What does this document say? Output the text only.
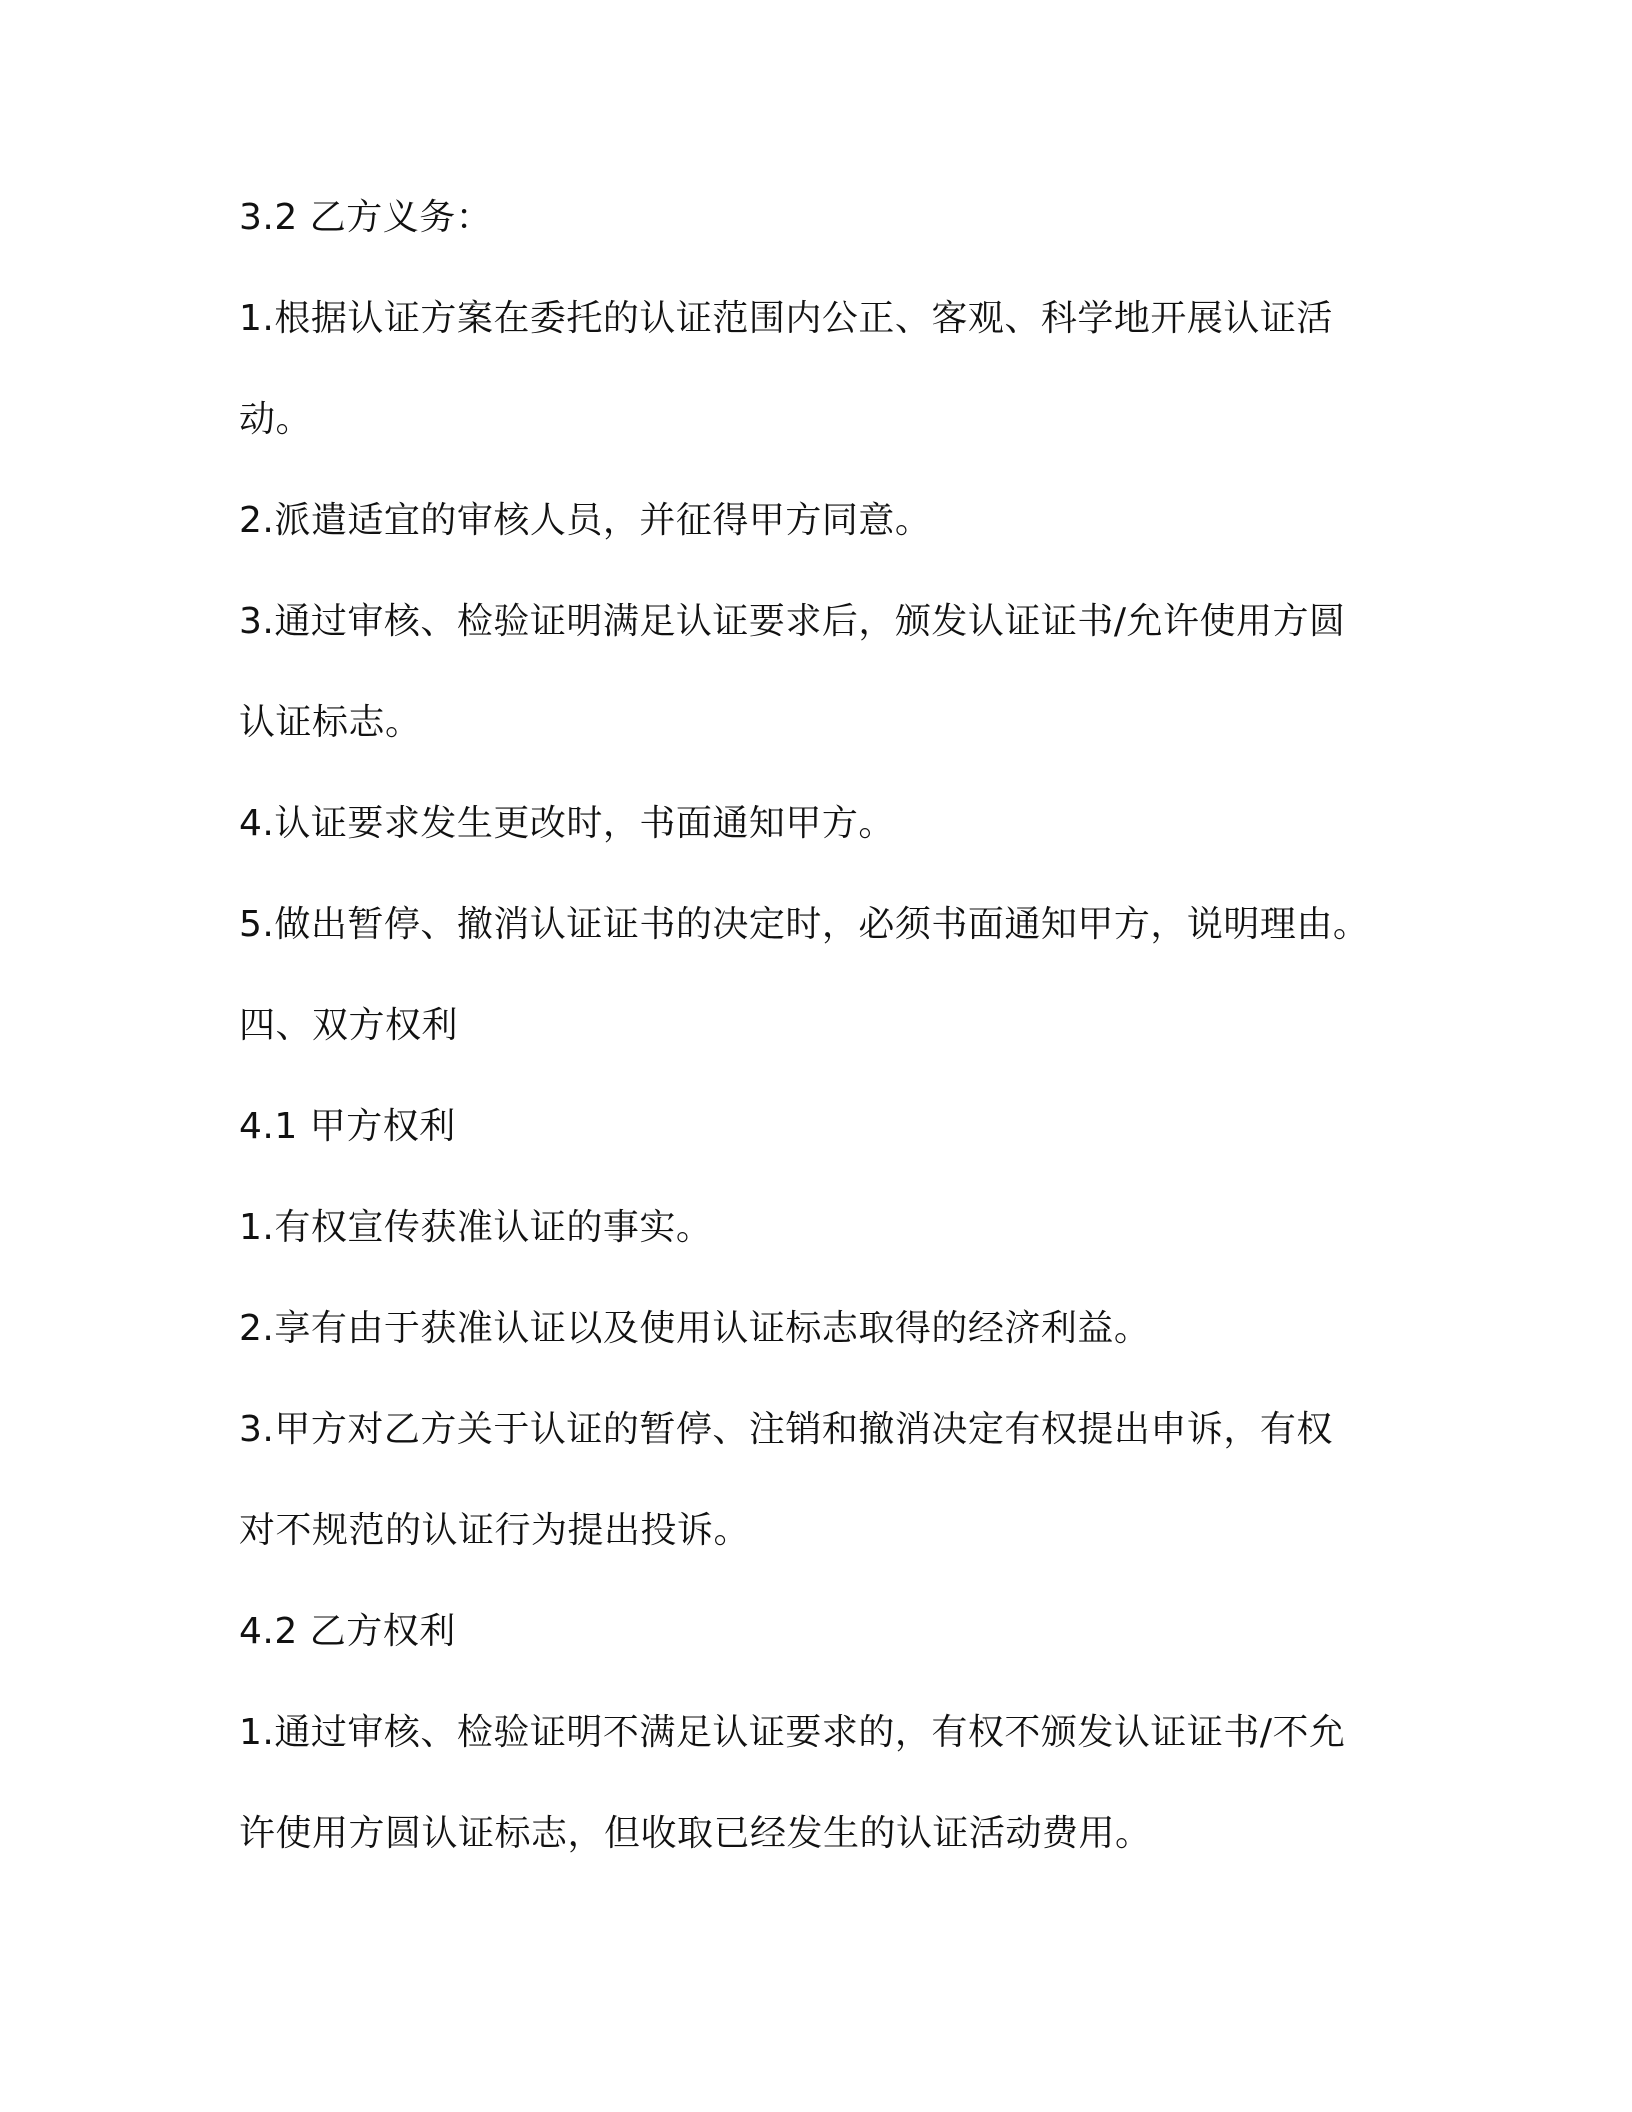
3.2 乙方义务：
1.根据认证方案在委托的认证范围内公正、客观、科学地开展认证活
动。
2.派遣适宜的审核人员，并征得甲方同意。
3.通过审核、检验证明满足认证要求后，颁发认证证书/允许使用方圆
认证标志。
4.认证要求发生更改时，书面通知甲方。
5.做出暂停、撤消认证证书的决定时，必须书面通知甲方，说明理由。
四、双方权利
4.1 甲方权利
1.有权宣传获准认证的事实。
2.享有由于获准认证以及使用认证标志取得的经济利益。
3.甲方对乙方关于认证的暂停、注销和撤消决定有权提出申诉，有权
对不规范的认证行为提出投诉。
4.2 乙方权利
1.通过审核、检验证明不满足认证要求的，有权不颁发认证证书/不允
许使用方圆认证标志，但收取已经发生的认证活动费用。
